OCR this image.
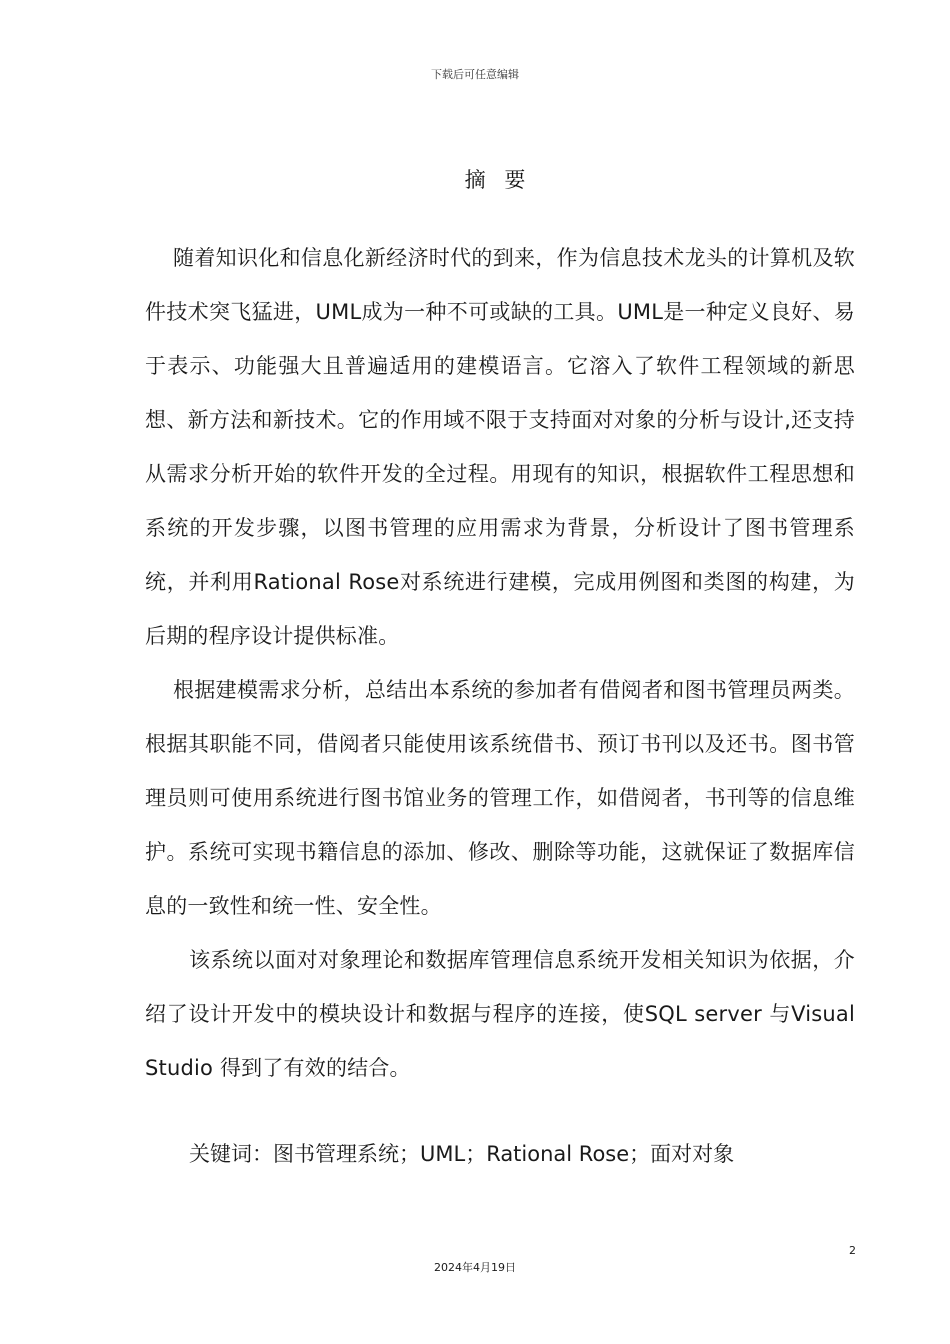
下载后可任意编辑
摘 要

随着知识化和信息化新经济时代的到来，作为信息技术龙头的计算机及软件技术突飞猛进，UML成为一种不可或缺的工具。UML是一种定义良好、易于表示、功能强大且普遍适用的建模语言。它溶入了软件工程领域的新思想、新方法和新技术。它的作用域不限于支持面对对象的分析与设计,还支持从需求分析开始的软件开发的全过程。用现有的知识，根据软件工程思想和系统的开发步骤，以图书管理的应用需求为背景，分析设计了图书管理系统，并利用Rational Rose对系统进行建模，完成用例图和类图的构建，为后期的程序设计提供标准。

根据建模需求分析，总结出本系统的参加者有借阅者和图书管理员两类。根据其职能不同，借阅者只能使用该系统借书、预订书刊以及还书。图书管理员则可使用系统进行图书馆业务的管理工作，如借阅者，书刊等的信息维护。系统可实现书籍信息的添加、修改、删除等功能，这就保证了数据库信息的一致性和统一性、安全性。

该系统以面对对象理论和数据库管理信息系统开发相关知识为依据，介绍了设计开发中的模块设计和数据与程序的连接，使SQL server 与Visual Studio 得到了有效的结合。

关键词：图书管理系统；UML；Rational Rose；面对对象
2
2024年4月19日
